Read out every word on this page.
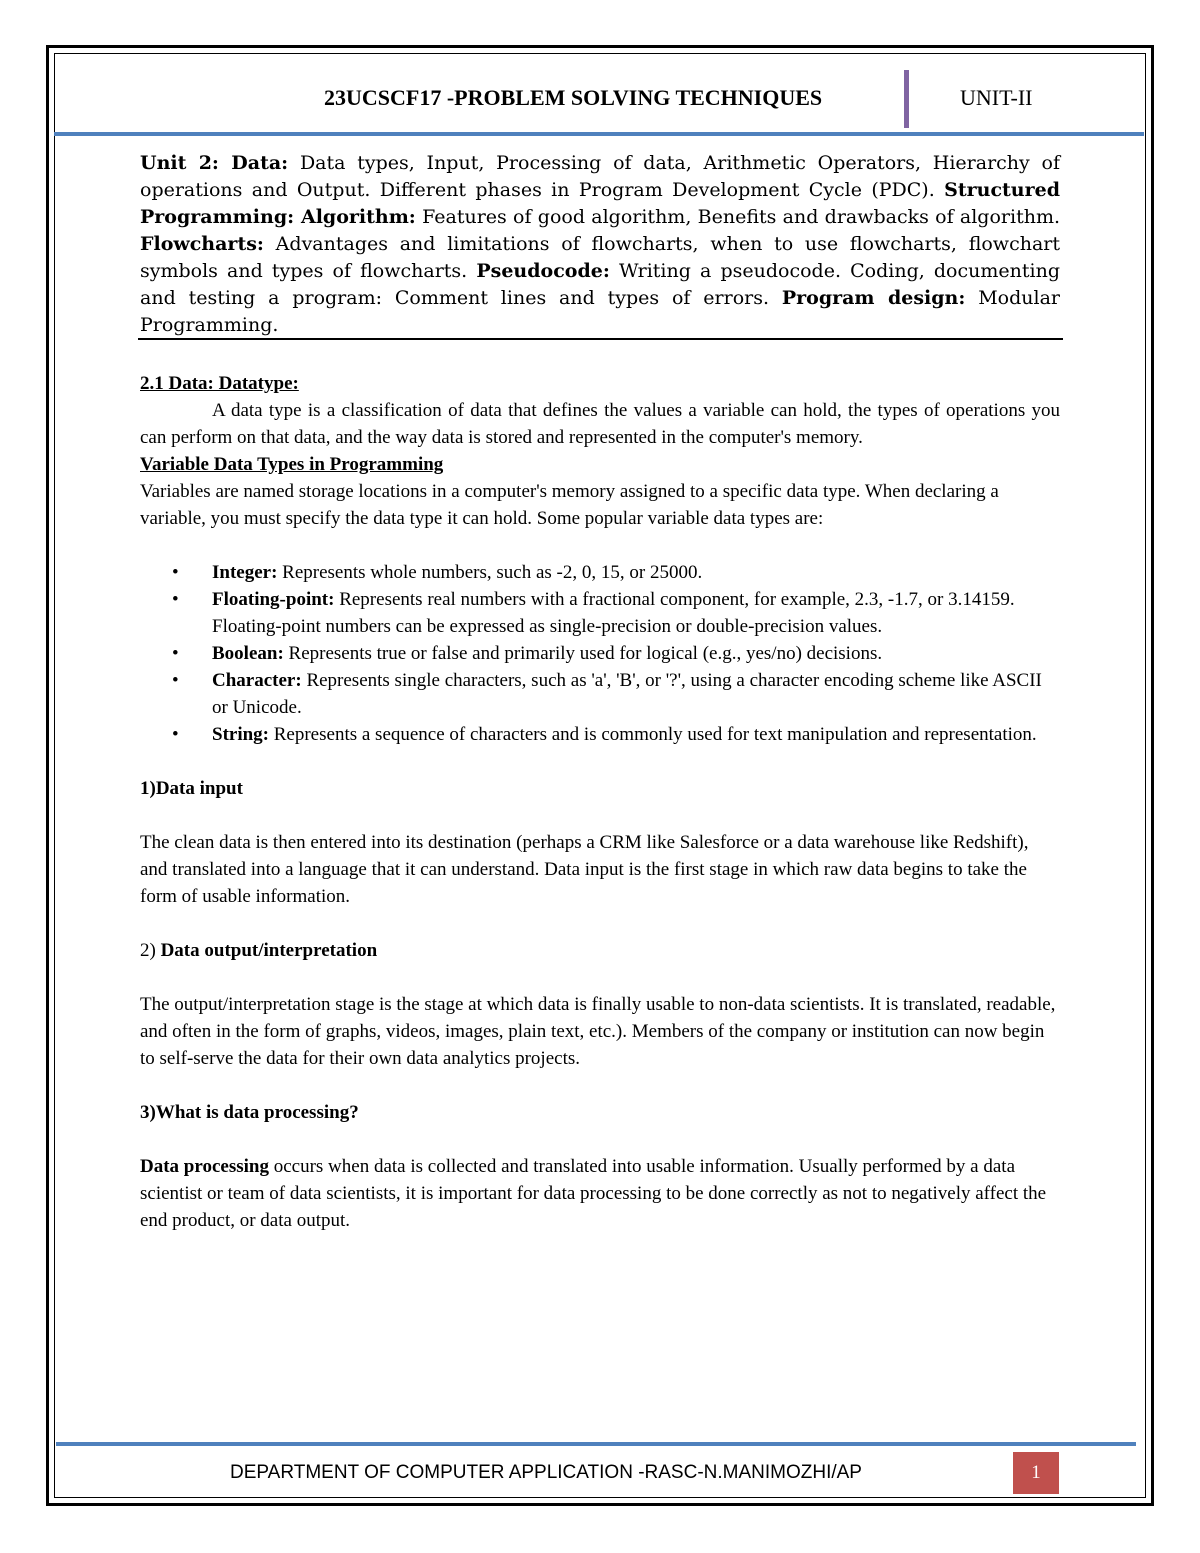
23UCSCF17 -PROBLEM SOLVING TECHNIQUES	UNIT-II
Unit 2: Data: Data types, Input, Processing of data, Arithmetic Operators, Hierarchy of operations and Output. Different phases in Program Development Cycle (PDC). Structured Programming: Algorithm: Features of good algorithm, Benefits and drawbacks of algorithm. Flowcharts: Advantages and limitations of flowcharts, when to use flowcharts, flowchart symbols and types of flowcharts. Pseudocode: Writing a pseudocode. Coding, documenting and testing a program: Comment lines and types of errors. Program design: Modular Programming.

2.1 Data: Datatype:

A data type is a classification of data that defines the values a variable can hold, the types of operations you can perform on that data, and the way data is stored and represented in the computer's memory.

Variable Data Types in Programming

Variables are named storage locations in a computer's memory assigned to a specific data type. When declaring a variable, you must specify the data type it can hold. Some popular variable data types are:

• Integer: Represents whole numbers, such as -2, 0, 15, or 25000.
• Floating-point: Represents real numbers with a fractional component, for example, 2.3, -1.7, or 3.14159. Floating-point numbers can be expressed as single-precision or double-precision values.
• Boolean: Represents true or false and primarily used for logical (e.g., yes/no) decisions.
• Character: Represents single characters, such as 'a', 'B', or '?', using a character encoding scheme like ASCII or Unicode.
• String: Represents a sequence of characters and is commonly used for text manipulation and representation.

1)Data input

The clean data is then entered into its destination (perhaps a CRM like Salesforce or a data warehouse like Redshift), and translated into a language that it can understand. Data input is the first stage in which raw data begins to take the form of usable information.

2) Data output/interpretation

The output/interpretation stage is the stage at which data is finally usable to non-data scientists. It is translated, readable, and often in the form of graphs, videos, images, plain text, etc.). Members of the company or institution can now begin to self-serve the data for their own data analytics projects.

3)What is data processing?

Data processing occurs when data is collected and translated into usable information. Usually performed by a data scientist or team of data scientists, it is important for data processing to be done correctly as not to negatively affect the end product, or data output.

DEPARTMENT OF COMPUTER APPLICATION -RASC-N.MANIMOZHI/AP	1
